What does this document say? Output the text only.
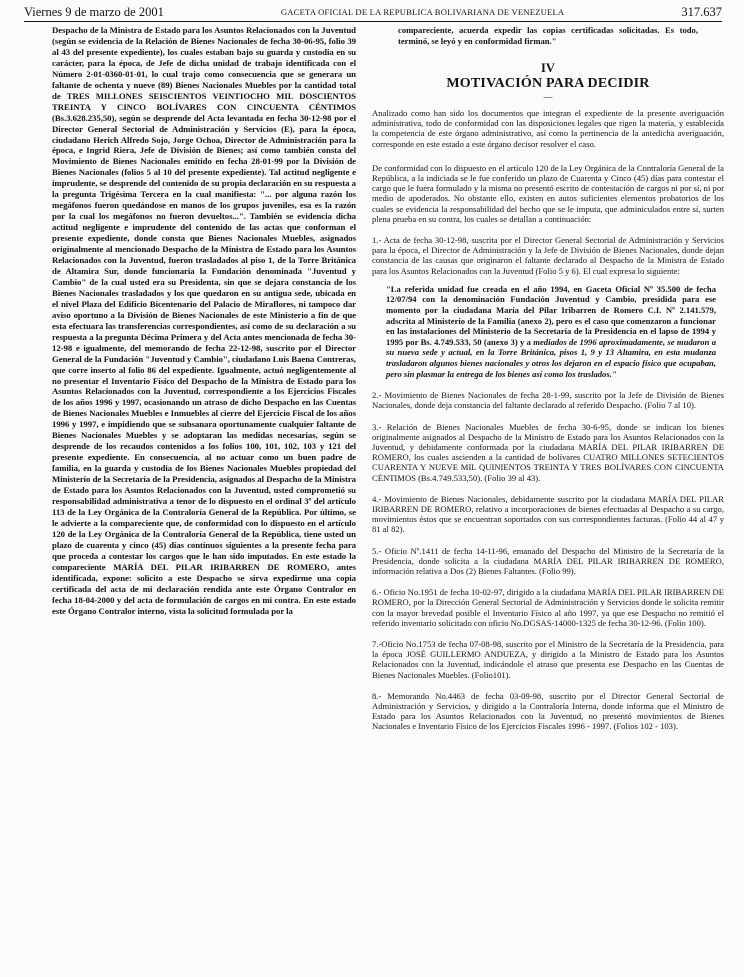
Viernes 9 de marzo de 2001	GACETA OFICIAL DE LA REPUBLICA BOLIVARIANA DE VENEZUELA	317.637

Despacho de la Ministra de Estado para los Asuntos Relacionados con la Juventud (según se evidencia de la Relación de Bienes Nacionales de fecha 30-06-95, folio 39 al 43 del presente expediente), los cuales estaban bajo su guarda y custodia en su carácter, para la época, de Jefe de dicha unidad de trabajo identificada con el Número 2-01-0360-01-01, lo cual trajo como consecuencia que se generara un faltante de ochenta y nueve (89) Bienes Nacionales Muebles por la cantidad total de TRES MILLONES SEISCIENTOS VEINTIOCHO MIL DOSCIENTOS TREINTA Y CINCO BOLÍVARES CON CINCUENTA CÉNTIMOS (Bs.3.628.235,50), según se desprende del Acta levantada en fecha 30-12-98 por el Director General Sectorial de Administración y Servicios (E), para la época, ciudadano Herich Alfredo Sojo, Jorge Ochoa, Director de Administración para la época, e Ingrid Riera, Jefe de División de Bienes; así como también consta del Movimiento de Bienes Nacionales emitido en fecha 28-01-99 por la División de Bienes Nacionales (folios 5 al 10 del presente expediente). Tal actitud negligente e imprudente, se desprende del contenido de su propia declaración en su respuesta a la pregunta Trigésima Tercera en la cual manifiesta: "... por alguna razón los megáfonos fueron quedándose en manos de los grupos juveniles, esa es la razón por la cual los megáfonos no fueron devueltos...". También se evidencia dicha actitud negligente e imprudente del contenido de las actas que conforman el presente expediente, donde consta que Bienes Nacionales Muebles, asignados originalmente al mencionado Despacho de la Ministra de Estado para los Asuntos Relacionados con la Juventud, fueron trasladados al piso 1, de la Torre Británica de Altamira Sur, donde funcionaria la Fundación denominada "Juventud y Cambio" de la cual usted era su Presidenta, sin que se dejara constancia de los Bienes Nacionales trasladados y los que quedaron en su antigua sede, ubicada en el nivel Plaza del Edificio Bicentenario del Palacio de Miraflores, ni tampoco dar aviso oportuno a la División de Bienes Nacionales de este Ministerio a fin de que esta efectuara las transferencias correspondientes, así como de su declaración a su respuesta a la pregunta Décima Primera y del Acta antes mencionada de fecha 30-12-98 e igualmente, del memorando de fecha 22-12-98, suscrito por el Director General de la Fundación "Juventud y Cambio", ciudadano Luís Baena Contreras, que corre inserto al folio 86 del expediente. Igualmente, actuó negligentemente al no presentar el Inventario Físico del Despacho de la Ministra de Estado para los Asuntos Relacionados con la Juventud, correspondiente a los Ejercicios Fiscales de los años 1996 y 1997, ocasionando un atraso de dicho Despacho en las Cuentas de Bienes Nacionales Muebles e Inmuebles al cierre del Ejercicio Fiscal de los años 1996 y 1997, e impidiendo que se subsanara oportunamente cualquier faltante de Bienes Nacionales Muebles y se adoptaran las medidas necesarias, según se desprende de los recaudos contenidos a los folios 100, 101, 102, 103 y 121 del presente expediente. En consecuencia, al no actuar como un buen padre de familia, en la guarda y custodia de los Bienes Nacionales Muebles propiedad del Ministerio de la Secretaría de la Presidencia, asignados al Despacho de la Ministra de Estado para los Asuntos Relacionados con la Juventud, usted comprometió su responsabilidad administrativa a tenor de lo dispuesto en el ordinal 3º del artículo 113 de la Ley Orgánica de la Contraloría General de la República. Por último, se le advierte a la compareciente que, de conformidad con lo dispuesto en el artículo 120 de la Ley Orgánica de la Contraloría General de la República, tiene usted un plazo de cuarenta y cinco (45) días continuos siguientes a la presente fecha para que proceda a contestar los cargos que le han sido imputados. En este estado la compareciente MARÍA DEL PILAR IRIBARREN DE ROMERO, antes identificada, expone: solicito a este Despacho se sirva expedirme una copia certificada del acta de mi declaración rendida ante este Órgano Contralor en fecha 18-04-2000 y del acta de formulación de cargos en mi contra. En este estado este Órgano Contralor interno, vista la solicitud formulada por la

compareciente, acuerda expedir las copias certificadas solicitadas. Es todo, terminó, se leyó y en conformidad firman."

IV

MOTIVACIÓN PARA DECIDIR

—

Analizado como han sido los documentos que integran el expediente de la presente averiguación administrativa, todo de conformidad con las disposiciones legales que rigen la materia, y establecida la competencia de este órgano administrativo, así como la pertinencia de la antedicha averiguación, corresponde en este estado a este órgano decisor resolver el caso.

De conformidad con lo dispuesto en el artículo 120 de la Ley Orgánica de la Contraloría General de la República, a la indiciada se le fue conferido un plazo de Cuarenta y Cinco (45) días para contestar el cargo que le fuera formulado y la misma no presentó escrito de contestación de cargos ni por sí, ni por medio de apoderados. No obstante ello, existen en autos suficientes elementos probatorios de los cuales se evidencia la responsabilidad del hecho que se le imputa, que adminiculados entre sí, surten plena prueba en su contra, los cuales se detallan a continuación:

1.- Acta de fecha 30-12-98, suscrita por el Director General Sectorial de Administración y Servicios para la época, el Director de Administración y la Jefe de División de Bienes Nacionales, donde dejan constancia de las causas que originaron el faltante declarado al Despacho de la Ministra de Estado para los Asuntos Relacionados con la Juventud (Folio 5 y 6). El cual expresa lo siguiente:

"La referida unidad fue creada en el año 1994, en Gaceta Oficial Nº 35.500 de fecha 12/07/94 con la denominación Fundación Juventud y Cambio, presidida para ese momento por la ciudadana María del Pilar Iribarren de Romero C.I. Nº 2.141.579, adscrita al Ministerio de la Familia (anexo 2), pero es el caso que comenzaron a funcionar en las instalaciones del Ministerio de la Secretaría de la Presidencia en el lapso de 1994 y 1995 por Bs. 4.749.533, 50 (anexo 3) y a mediados de 1996 aproximadamente, se mudaron a su nueva sede y actual, en la Torre Británica, pisos 1, 9 y 13 Altamira, en esta mudanza trasladaron algunos bienes nacionales y otros los dejaron en el espacio físico que ocupaban, pero sin plasmar la entrega de los bienes así como los traslados."

2.- Movimiento de Bienes Nacionales de fecha 28-1-99, suscrito por la Jefe de División de Bienes Nacionales, donde deja constancia del faltante declarado al referido Despacho. (Folio 7 al 10).

3.- Relación de Bienes Nacionales Muebles de fecha 30-6-95, donde se indican los bienes originalmente asignados al Despacho de la Ministro de Estado para los Asuntos Relacionados con la Juventud, y debidamente conformada por la ciudadana MARÍA DEL PILAR IRIBARREN DE ROMERO, los cuales ascienden a la cantidad de bolívares CUATRO MILLONES SETECIENTOS CUARENTA Y NUEVE MIL QUINIENTOS TREINTA Y TRES BOLÍVARES CON CINCUENTA CÉNTIMOS (Bs.4.749.533,50). (Folio 39 al 43).

4.- Movimiento de Bienes Nacionales, debidamente suscrito por la ciudadana MARÍA DEL PILAR IRIBARREN DE ROMERO, relativo a incorporaciones de bienes efectuadas al Despacho a su cargo, movimientos éstos que se encuentran soportados con sus correspondientes facturas. (Folio 44 al 47 y 81 al 82).

5.- Oficio Nº.1411 de fecha 14-11-96, emanado del Despacho del Ministro de la Secretaría de la Presidencia, donde solicita a la ciudadana MARÍA DEL PILAR IRIBARREN DE ROMERO, información relativa a Dos (2) Bienes Faltantes. (Folio 99).

6.- Oficio No.1951 de fecha 10-02-97, dirigido a la ciudadana MARÍA DEL PILAR IRIBARREN DE ROMERO, por la Dirección General Sectorial de Administración y Servicios donde le solicita remitir con la mayor brevedad posible el Inventario Físico al año 1997, ya que ese Despacho no remitió el referido inventario solicitado con oficio No.DGSAS-14000-1325 de fecha 30-12-96. (Folio 100).

7.-Oficio No.1753 de fecha 07-08-98, suscrito por el Ministro de la Secretaría de la Presidencia, para la época JOSÉ GUILLERMO ANDUEZA, y dirigido a la Ministro de Estado para los Asuntos Relacionados con la Juventud, indicándole el atraso que presenta ese Despacho en las Cuentas de Bienes Nacionales Muebles. (Folio101).

8.- Memorando No.4463 de fecha 03-09-98, suscrito por el Director General Sectorial de Administración y Servicios, y dirigido a la Contraloría Interna, donde informa que el Ministro de Estado para los Asuntos Relacionados con la Juventud, no presentó movimientos de Bienes Nacionales e Inventario Físico de los Ejercicios Fiscales 1996 - 1997. (Folios 102 - 103).
